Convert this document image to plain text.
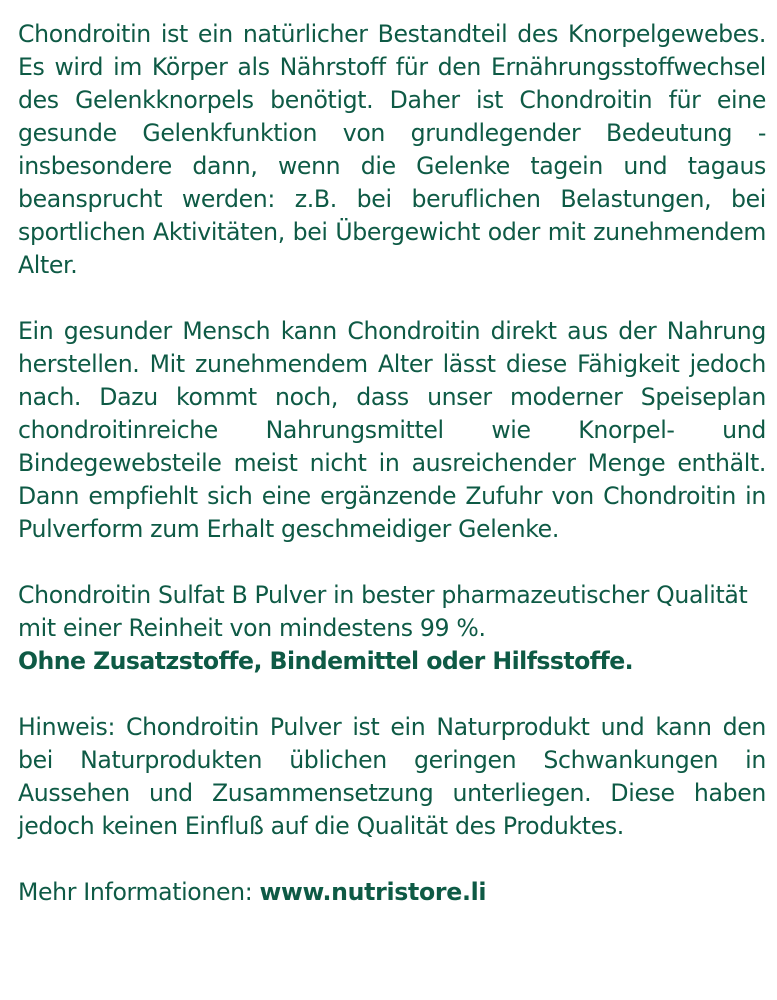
Chondroitin ist ein natürlicher Bestandteil des Knorpelgewebes. Es wird im Körper als Nährstoff für den Ernährungsstoffwechsel des Gelenkknorpels benötigt. Daher ist Chondroitin für eine gesunde Gelenkfunktion von grundlegender Bedeutung - insbesondere dann, wenn die Gelenke tagein und tagaus beansprucht werden: z.B. bei beruflichen Belastungen, bei sportlichen Aktivitäten, bei Übergewicht oder mit zunehmendem Alter.

Ein gesunder Mensch kann Chondroitin direkt aus der Nahrung herstellen. Mit zunehmendem Alter lässt diese Fähigkeit jedoch nach. Dazu kommt noch, dass unser moderner Speiseplan chondroitinreiche Nahrungsmittel wie Knorpel- und Bindegewebsteile meist nicht in ausreichender Menge enthält. Dann empfiehlt sich eine ergänzende Zufuhr von Chondroitin in Pulverform zum Erhalt geschmeidiger Gelenke.

Chondroitin Sulfat B Pulver in bester pharmazeutischer Qualität mit einer Reinheit von mindestens 99 %.
Ohne Zusatzstoffe, Bindemittel oder Hilfsstoffe.

Hinweis: Chondroitin Pulver ist ein Naturprodukt und kann den bei Naturprodukten üblichen geringen Schwankungen in Aussehen und Zusammensetzung unterliegen. Diese haben jedoch keinen Einfluß auf die Qualität des Produktes.

Mehr Informationen: www.nutristore.li
